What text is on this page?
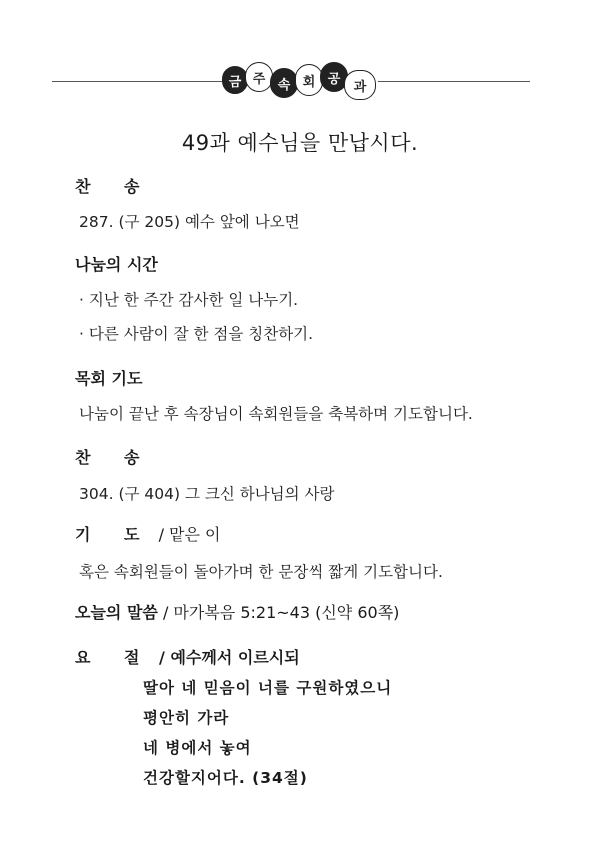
금 주 속 회 공
과
49과 예수님을 만납시다.
찬 송
287. (구 205) 예수 앞에 나오면
나눔의 시간
· 지난 한 주간 감사한 일 나누기.
· 다른 사람이 잘 한 점을 칭찬하기.
목회 기도
나눔이 끝난 후 속장님이 속회원들을 축복하며 기도합니다.
찬 송
304. (구 404) 그 크신 하나님의 사랑
기 도 / 맡은 이
혹은 속회원들이 돌아가며 한 문장씩 짧게 기도합니다.
오늘의 말씀 / 마가복음 5:21~43 (신약 60쪽)
요 절 / 예수께서 이르시되
딸아 네 믿음이 너를 구원하였으니
평안히 가라
네 병에서 놓여
건강할지어다. (34절)
